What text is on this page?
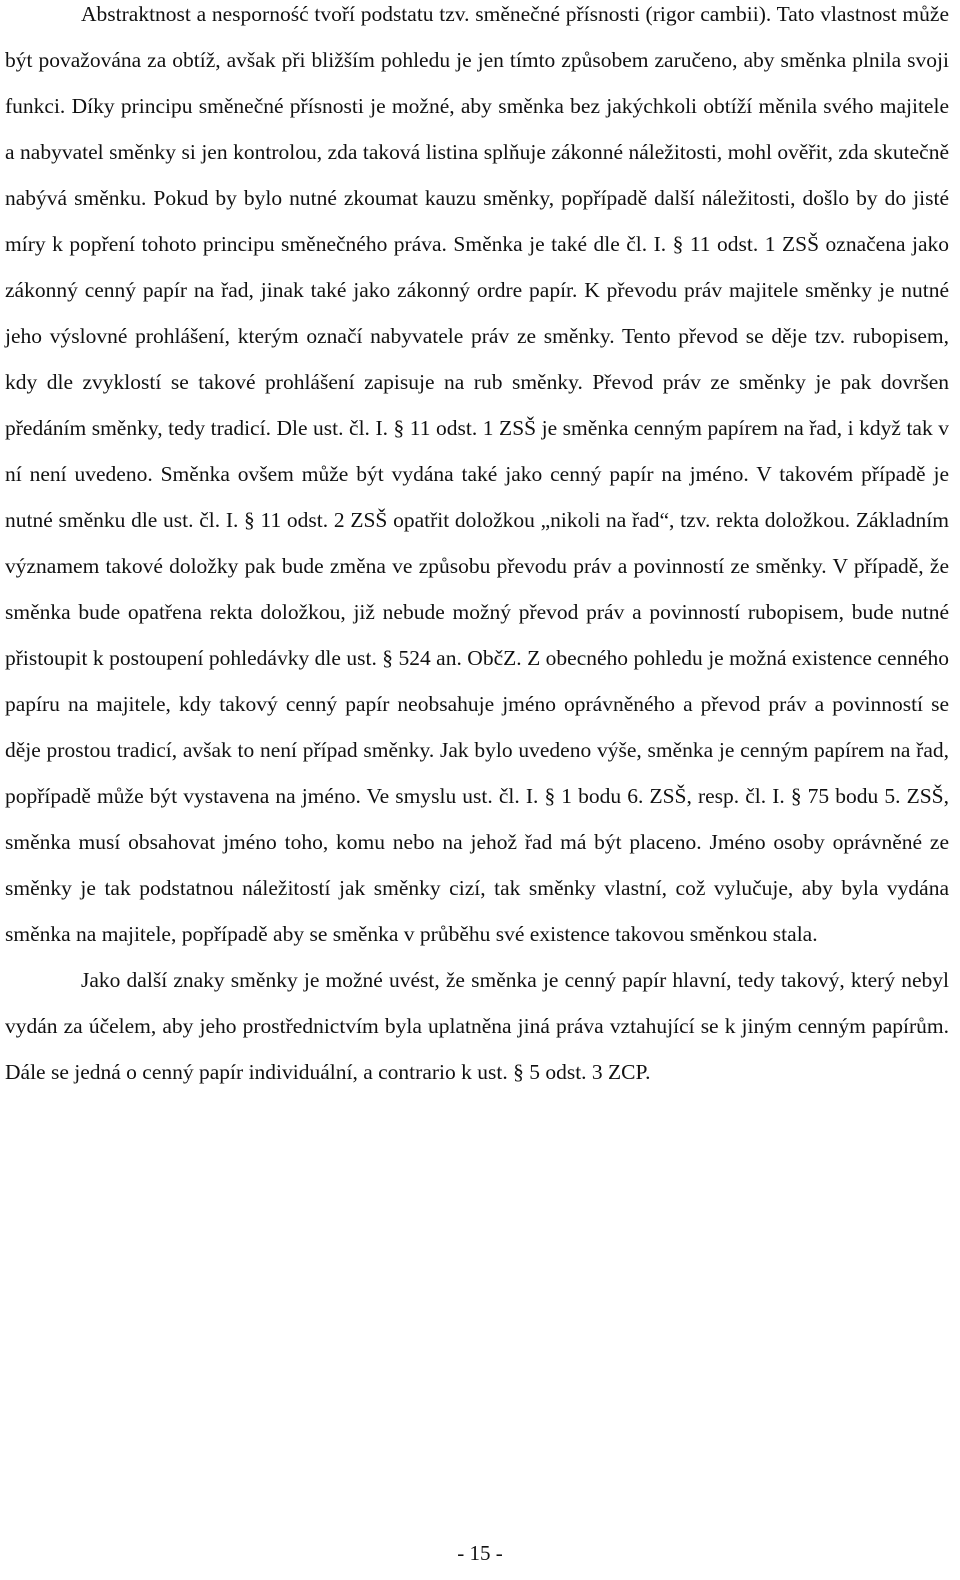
Abstraktnost a nesporność tvoří podstatu tzv. směnečné přísnosti (rigor cambii). Tato vlastnost může být považována za obtíž, avšak při bližším pohledu je jen tímto způsobem zaručeno, aby směnka plnila svoji funkci. Díky principu směnečné přísnosti je možné, aby směnka bez jakýchkoli obtíží měnila svého majitele a nabyvatel směnky si jen kontrolou, zda taková listina splňuje zákonné náležitosti, mohl ověřit, zda skutečně nabývá směnku. Pokud by bylo nutné zkoumat kauzu směnky, popřípadě další náležitosti, došlo by do jisté míry k popření tohoto principu směnečného práva. Směnka je také dle čl. I. § 11 odst. 1 ZSŠ označena jako zákonný cenný papír na řad, jinak také jako zákonný ordre papír. K převodu práv majitele směnky je nutné jeho výslovné prohlášení, kterým označí nabyvatele práv ze směnky. Tento převod se děje tzv. rubopisem, kdy dle zvyklostí se takové prohlášení zapisuje na rub směnky. Převod práv ze směnky je pak dovršen předáním směnky, tedy tradicí. Dle ust. čl. I. § 11 odst. 1 ZSŠ je směnka cenným papírem na řad, i když tak v ní není uvedeno. Směnka ovšem může být vydána také jako cenný papír na jméno. V takovém případě je nutné směnku dle ust. čl. I. § 11 odst. 2 ZSŠ opatřit doložkou „nikoli na řad“, tzv. rekta doložkou. Základním významem takové doložky pak bude změna ve způsobu převodu práv a povinností ze směnky. V případě, že směnka bude opatřena rekta doložkou, již nebude možný převod práv a povinností rubopisem, bude nutné přistoupit k postoupení pohledávky dle ust. § 524 an. ObčZ. Z obecného pohledu je možná existence cenného papíru na majitele, kdy takový cenný papír neobsahuje jméno oprávněného a převod práv a povinností se děje prostou tradicí, avšak to není případ směnky. Jak bylo uvedeno výše, směnka je cenným papírem na řad, popřípadě může být vystavena na jméno. Ve smyslu ust. čl. I. § 1 bodu 6. ZSŠ, resp. čl. I. § 75 bodu 5. ZSŠ, směnka musí obsahovat jméno toho, komu nebo na jehož řad má být placeno. Jméno osoby oprávněné ze směnky je tak podstatnou náležitostí jak směnky cizí, tak směnky vlastní, což vylučuje, aby byla vydána směnka na majitele, popřípadě aby se směnka v průběhu své existence takovou směnkou stala.

Jako další znaky směnky je možné uvést, že směnka je cenný papír hlavní, tedy takový, který nebyl vydán za účelem, aby jeho prostřednictvím byla uplatněna jiná práva vztahující se k jiným cenným papírům. Dále se jedná o cenný papír individuální, a contrario k ust. § 5 odst. 3 ZCP.

- 15 -
